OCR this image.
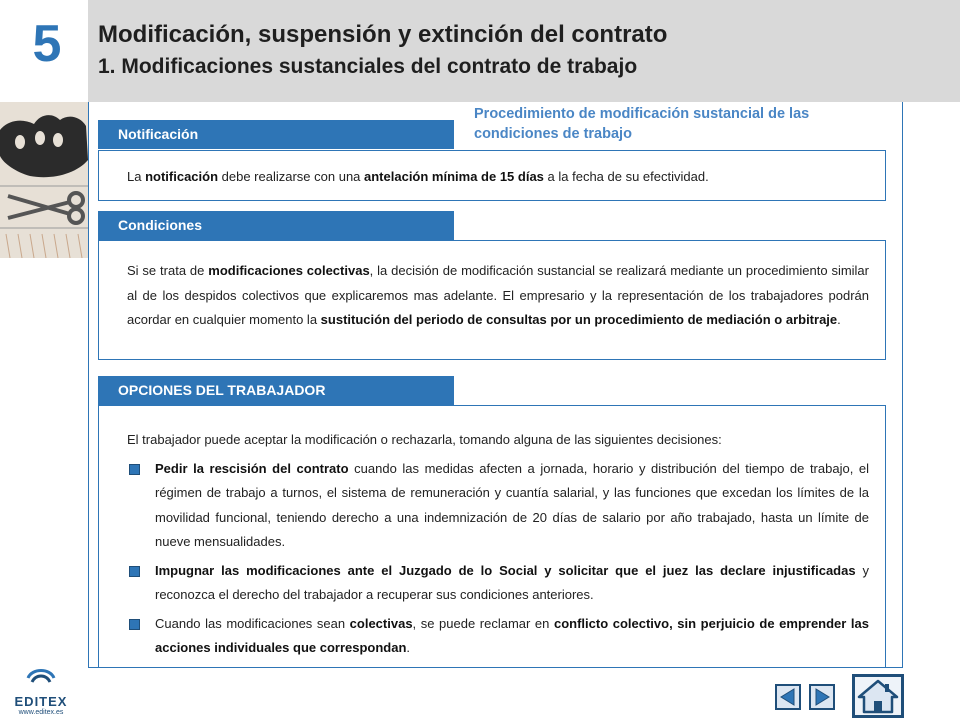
5	Modificación, suspensión y extinción del contrato
1. Modificaciones sustanciales del contrato de trabajo
Procedimiento de modificación sustancial de las condiciones de trabajo
Notificación
La notificación debe realizarse con una antelación mínima de 15 días a la fecha de su efectividad.
Condiciones
Si se trata de modificaciones colectivas, la decisión de modificación sustancial se realizará mediante un procedimiento similar al de los despidos colectivos que explicaremos mas adelante. El empresario y la representación de los trabajadores podrán acordar en cualquier momento la sustitución del periodo de consultas por un procedimiento de mediación o arbitraje.
OPCIONES DEL TRABAJADOR
El trabajador puede aceptar la modificación o rechazarla, tomando alguna de las siguientes decisiones:
Pedir la rescisión del contrato cuando las medidas afecten a jornada, horario y distribución del tiempo de trabajo, el régimen de trabajo a turnos, el sistema de remuneración y cuantía salarial, y las funciones que excedan los límites de la movilidad funcional, teniendo derecho a una indemnización de 20 días de salario por año trabajado, hasta un límite de nueve mensualidades.
Impugnar las modificaciones ante el Juzgado de lo Social y solicitar que el juez las declare injustificadas y reconozca el derecho del trabajador a recuperar sus condiciones anteriores.
Cuando las modificaciones sean colectivas, se puede reclamar en conflicto colectivo, sin perjuicio de emprender las acciones individuales que correspondan.
EDITEX
www.editex.es
